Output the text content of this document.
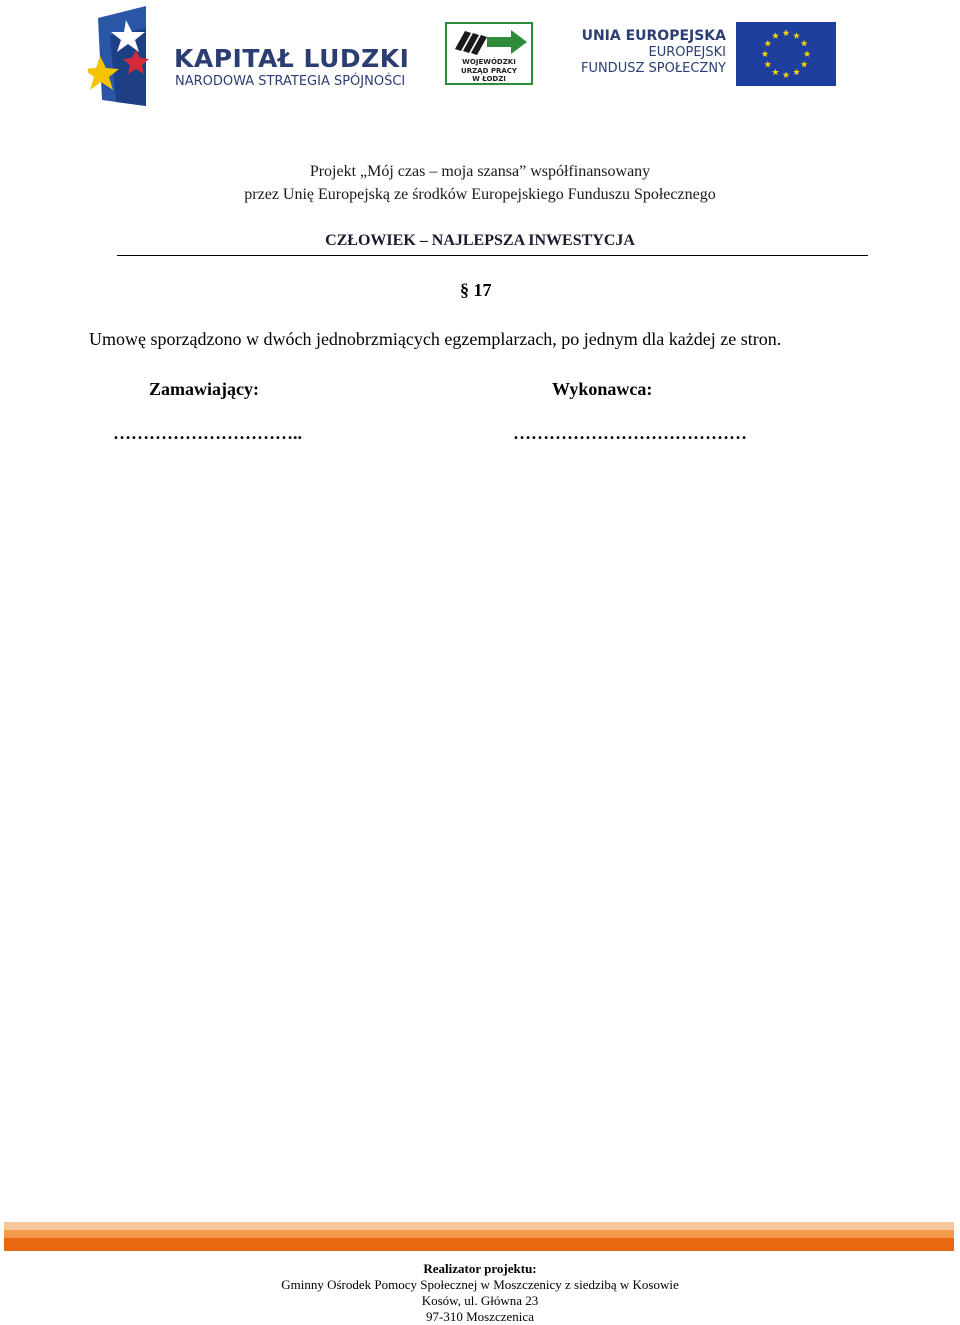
KAPITAŁ LUDZKI
NARODOWA STRATEGIA SPÓJNOŚCI
WOJEWÓDZKI
URZĄD PRACY
W ŁODZI
UNIA EUROPEJSKA
EUROPEJSKI
FUNDUSZ SPOŁECZNY
Projekt „Mój czas – moja szansa” współfinansowany
przez Unię Europejską ze środków Europejskiego Funduszu Społecznego
CZŁOWIEK – NAJLEPSZA INWESTYCJA
§ 17
Umowę sporządzono w dwóch jednobrzmiących egzemplarzach, po jednym dla każdej ze stron.
Zamawiający:	Wykonawca:
…………………………..	…………………………………
Realizator projektu:
Gminny Ośrodek Pomocy Społecznej w Moszczenicy z siedzibą w Kosowie
Kosów, ul. Główna 23
97-310 Moszczenica
